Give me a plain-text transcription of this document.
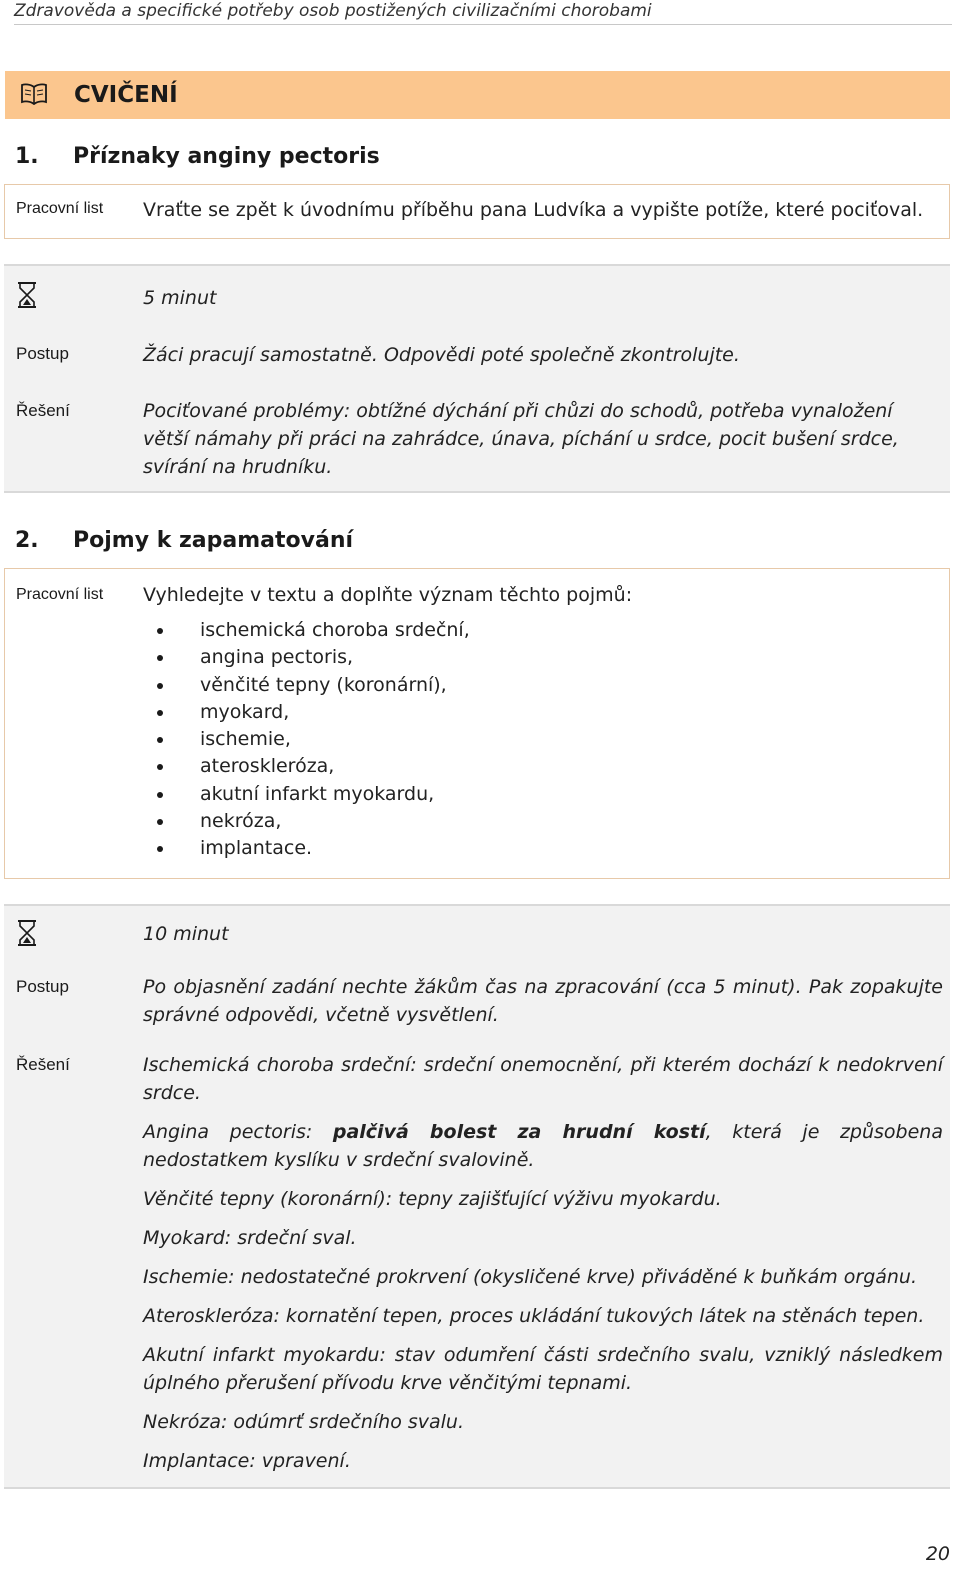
Zdravověda a specifické potřeby osob postižených civilizačními chorobami
CVIČENÍ
1. Příznaky anginy pectoris
Pracovní list Vraťte se zpět k úvodnímu příběhu pana Ludvíka a vypište potíže, které pociťoval.
5 minut
Postup	Žáci pracují samostatně. Odpovědi poté společně zkontrolujte.
Řešení	Pociťované problémy: obtížné dýchání při chůzi do schodů, potřeba vynaložení větší námahy při práci na zahrádce, únava, píchání u srdce, pocit bušení srdce, svírání na hrudníku.
2. Pojmy k zapamatování
Pracovní list Vyhledejte v textu a doplňte význam těchto pojmů:
ischemická choroba srdeční,
angina pectoris,
věnčité tepny (koronární),
myokard,
ischemie,
ateroskleróza,
akutní infarkt myokardu,
nekróza,
implantace.
10 minut
Postup	Po objasnění zadání nechte žákům čas na zpracování (cca 5 minut). Pak zopakujte správné odpovědi, včetně vysvětlení.
Řešení	Ischemická choroba srdeční: srdeční onemocnění, při kterém dochází k nedokrvení srdce.

Angina pectoris: palčivá bolest za hrudní kostí, která je způsobena nedostatkem kyslíku v srdeční svalovině.

Věnčité tepny (koronární): tepny zajišťující výživu myokardu.

Myokard: srdeční sval.

Ischemie: nedostatečné prokrvení (okysličené krve) přiváděné k buňkám orgánu.

Ateroskleróza: kornatění tepen, proces ukládání tukových látek na stěnách tepen.

Akutní infarkt myokardu: stav odumření části srdečního svalu, vzniklý následkem úplného přerušení přívodu krve věnčitými tepnami.

Nekróza: odúmrť srdečního svalu.

Implantace: vpravení.

20
